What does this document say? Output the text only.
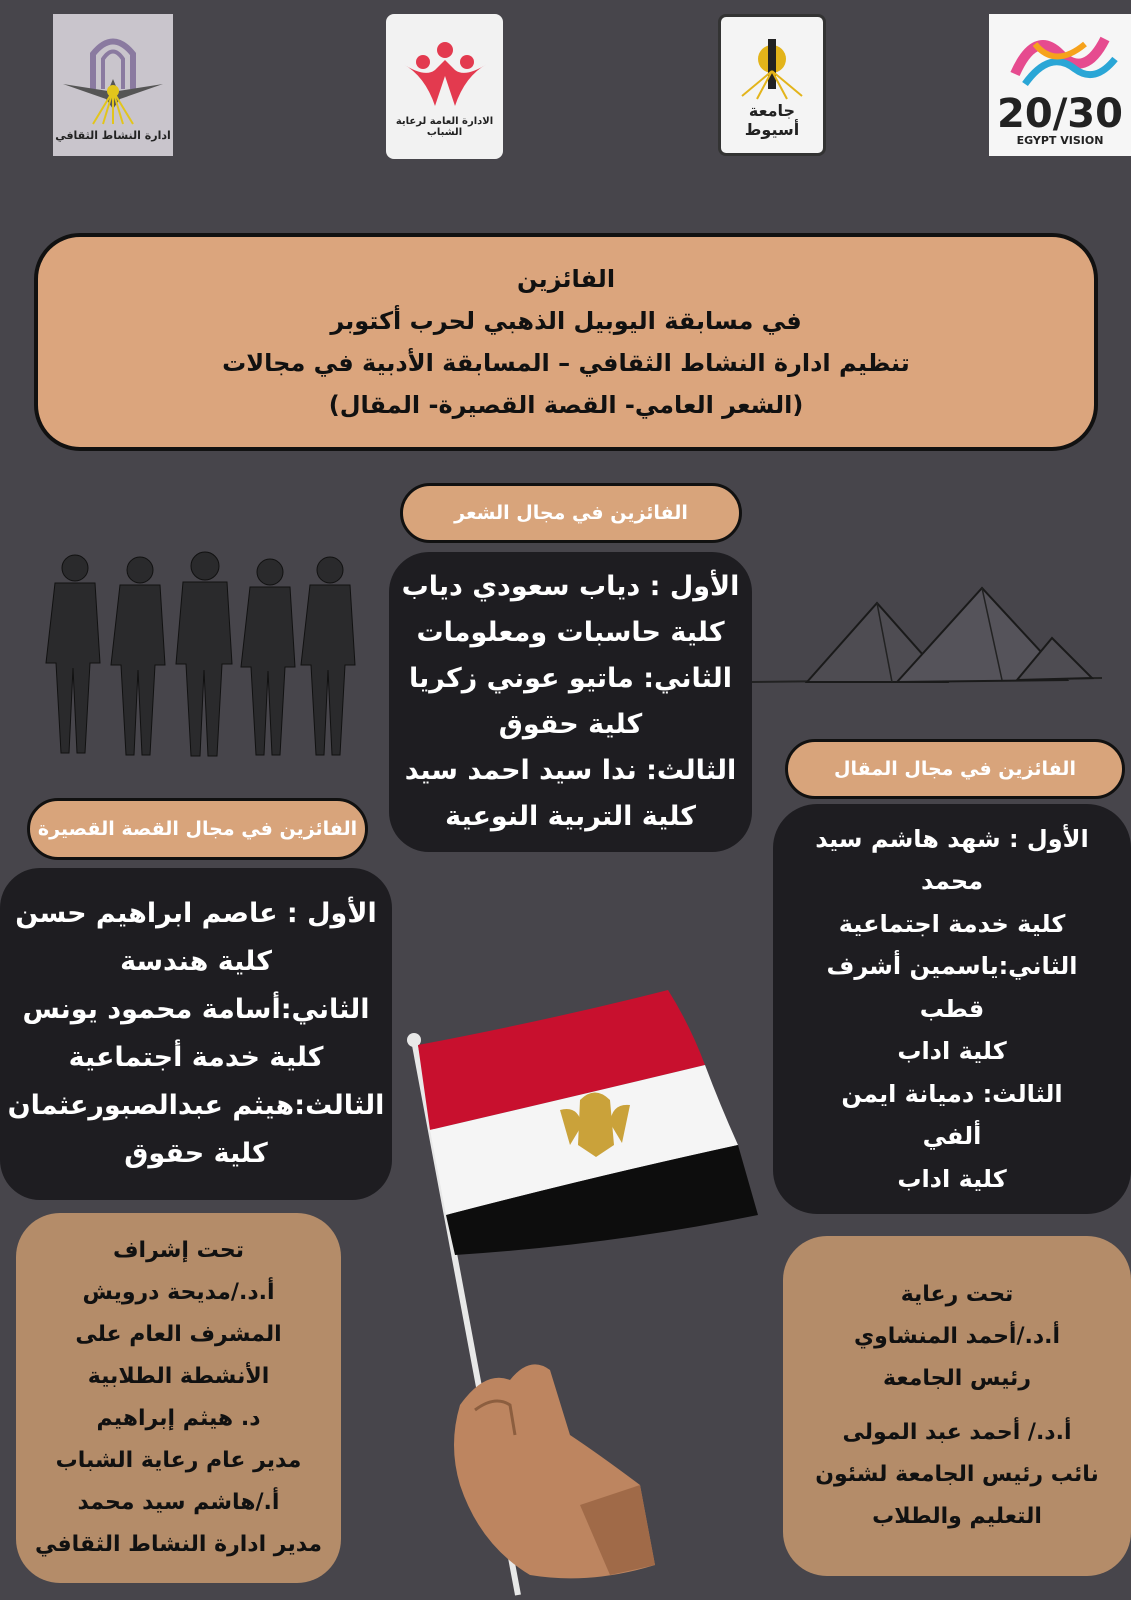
ادارة النشاط الثقافي
الادارة العامة لرعاية الشباب
جامعة أسيوط	20/30
EGYPT VISION
الفائزين
في مسابقة اليوبيل الذهبي لحرب أكتوبر
تنظيم ادارة النشاط الثقافي – المسابقة الأدبية في مجالات
(الشعر العامي- القصة القصيرة- المقال)
الفائزين في مجال الشعر
الأول : دياب سعودي دياب
كلية حاسبات ومعلومات
الثاني: ماتيو عوني زكريا
كلية حقوق
الثالث: ندا سيد احمد سيد
كلية التربية النوعية
الفائزين في مجال المقال
الأول : شهد هاشم سيد
محمد
كلية خدمة اجتماعية
الثاني:ياسمين أشرف
قطب
كلية اداب
الثالث: دميانة ايمن
ألفي
كلية اداب
الفائزين في مجال القصة القصيرة
الأول : عاصم ابراهيم حسن
كلية هندسة
الثاني:أسامة محمود يونس
كلية خدمة أجتماعية
الثالث:هيثم عبدالصبورعثمان
كلية حقوق
تحت إشراف
أ.د./مديحة درويش
المشرف العام على
الأنشطة الطلابية
د. هيثم إبراهيم
مدير عام رعاية الشباب
أ./هاشم سيد محمد
مدير ادارة النشاط الثقافي
تحت رعاية
أ.د./أحمد المنشاوي
رئيس الجامعة
أ.د./ أحمد عبد المولى
نائب رئيس الجامعة لشئون
التعليم والطلاب
